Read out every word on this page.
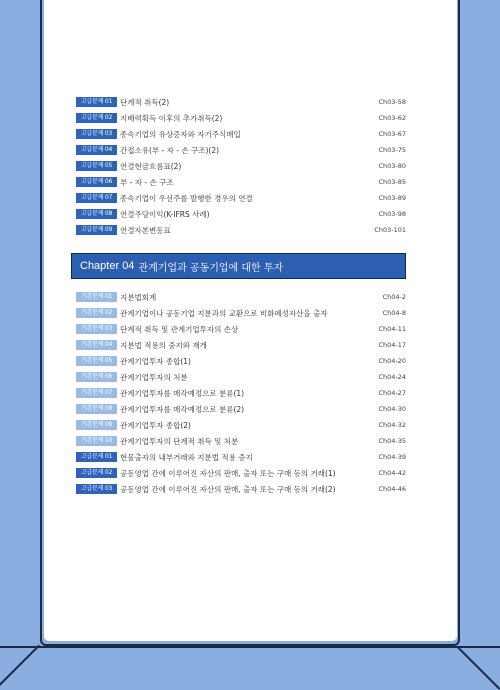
고급문제 01	단계적 취득(2)	Ch03-58
고급문제 02	지배력획득 이후의 추가취득(2)	Ch03-62
고급문제 03	종속기업의 유상증자와 자기주식매입	Ch03-67
고급문제 04	간접소유(부 - 자 - 손 구조)(2)	Ch03-75
고급문제 05	연결현금흐름표(2)	Ch03-80
고급문제 06	부 - 자 - 손 구조	Ch03-85
고급문제 07	종속기업이 우선주를 발행한 경우의 연결	Ch03-89
고급문제 08	연결주당이익(K-IFRS 사례)	Ch03-98
고급문제 09	연결자본변동표	Ch03-101
Chapter 04 관계기업과 공동기업에 대한 투자
기본문제 01	지분법회계	Ch04-2
기본문제 02	관계기업이나 공동기업 지분과의 교환으로 비화폐성자산을 출자	Ch04-8
기본문제 03	단계적 취득 및 관계기업투자의 손상	Ch04-11
기본문제 04	지분법 적용의 중지와 재개	Ch04-17
기본문제 05	관계기업투자 종합(1)	Ch04-20
기본문제 06	관계기업투자의 처분	Ch04-24
기본문제 07	관계기업투자를 매각예정으로 분류(1)	Ch04-27
기본문제 08	관계기업투자를 매각예정으로 분류(2)	Ch04-30
기본문제 09	관계기업투자 종합(2)	Ch04-32
기본문제 10	관계기업투자의 단계적 취득 및 처분	Ch04-35
고급문제 01	현물출자의 내부거래와 지분법 적용 중지	Ch04-39
고급문제 02	공동영업 간에 이루어진 자산의 판매, 출자 또는 구매 등의 거래(1)	Ch04-42
고급문제 03	공동영업 간에 이루어진 자산의 판매, 출자 또는 구매 등의 거래(2)	Ch04-46
